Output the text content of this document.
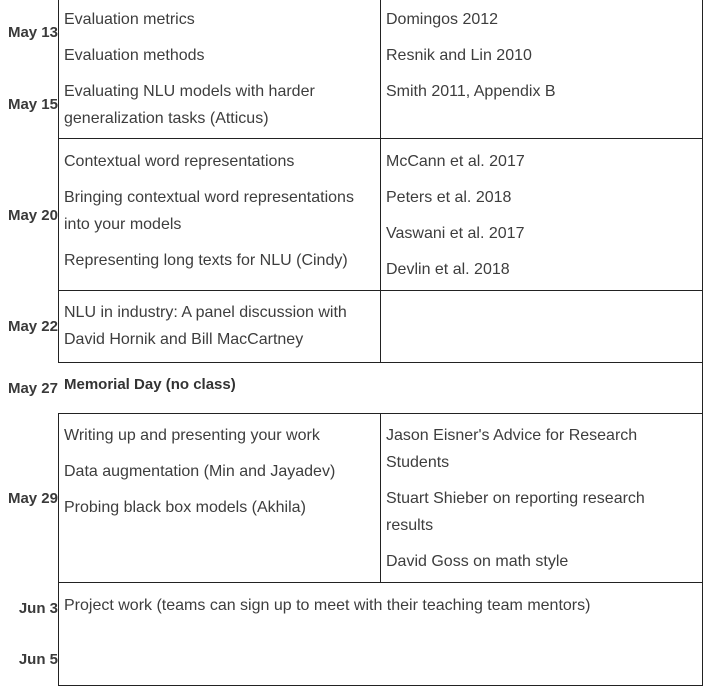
May 13
May 15
Evaluation metrics
Evaluation methods
Evaluating NLU models with harder
generalization tasks (Atticus)
Domingos 2012
Resnik and Lin 2010
Smith 2011, Appendix B
May 20
Contextual word representations
Bringing contextual word representations
into your models
Representing long texts for NLU (Cindy)
McCann et al. 2017
Peters et al. 2018
Vaswani et al. 2017
Devlin et al. 2018
May 22
NLU in industry: A panel discussion with
David Hornik and Bill MacCartney
May 27 Memorial Day (no class)
May 29
Writing up and presenting your work
Data augmentation (Min and Jayadev)
Probing black box models (Akhila)
Jason Eisner's Advice for Research
Students
Stuart Shieber on reporting research
results
David Goss on math style
Jun 3
Jun 5
Project work (teams can sign up to meet with their teaching team mentors)
